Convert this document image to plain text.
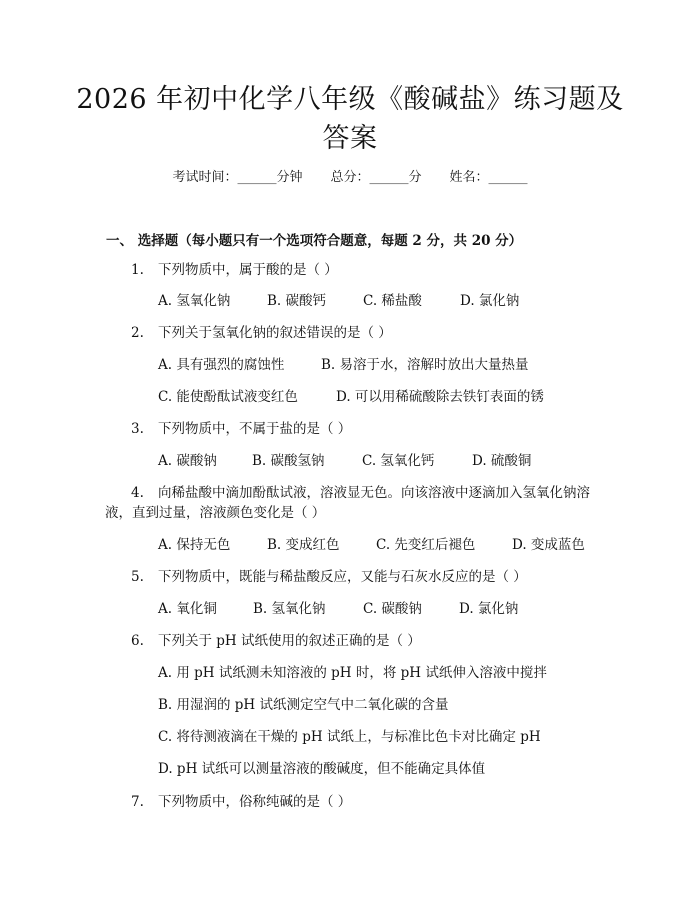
2026 年初中化学八年级《酸碱盐》练习题及
答案
考试时间：______分钟 总分：______分 姓名：______
一、 选择题（每小题只有一个选项符合题意，每题 2 分，共 20 分）
1. 下列物质中，属于酸的是（ ）
A. 氢氧化钠	B. 碳酸钙	C. 稀盐酸	D. 氯化钠
2. 下列关于氢氧化钠的叙述错误的是（ ）
A. 具有强烈的腐蚀性	B. 易溶于水，溶解时放出大量热量
C. 能使酚酞试液变红色	D. 可以用稀硫酸除去铁钉表面的锈
3. 下列物质中，不属于盐的是（ ）
A. 碳酸钠	B. 碳酸氢钠	C. 氢氧化钙	D. 硫酸铜
4. 向稀盐酸中滴加酚酞试液，溶液显无色。向该溶液中逐滴加入氢氧化钠溶
液，直到过量，溶液颜色变化是（ ）
A. 保持无色	B. 变成红色	C. 先变红后褪色	D. 变成蓝色
5. 下列物质中，既能与稀盐酸反应，又能与石灰水反应的是（ ）
A. 氧化铜	B. 氢氧化钠	C. 碳酸钠	D. 氯化钠
6. 下列关于 pH 试纸使用的叙述正确的是（ ）
A. 用 pH 试纸测未知溶液的 pH 时，将 pH 试纸伸入溶液中搅拌
B. 用湿润的 pH 试纸测定空气中二氧化碳的含量
C. 将待测液滴在干燥的 pH 试纸上，与标准比色卡对比确定 pH
D. pH 试纸可以测量溶液的酸碱度，但不能确定具体值
7. 下列物质中，俗称纯碱的是（ ）
